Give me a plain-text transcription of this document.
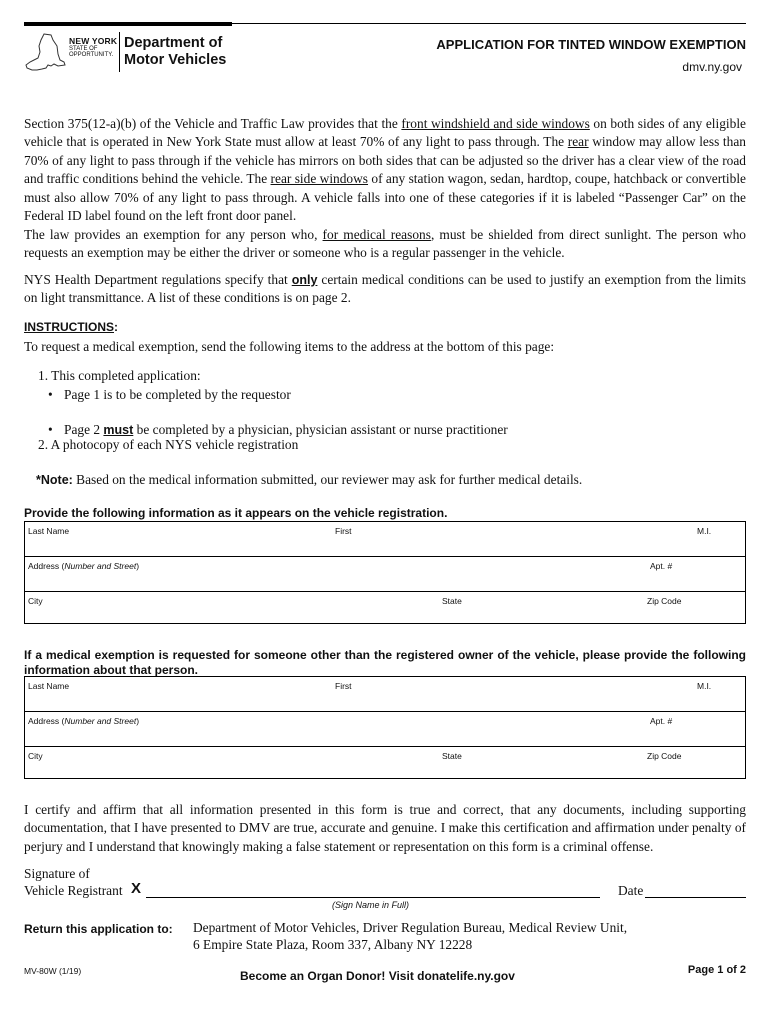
NEW YORK
STATE OF
OPPORTUNITY.
Department of
Motor Vehicles
APPLICATION FOR TINTED WINDOW EXEMPTION
dmv.ny.gov
Section 375(12-a)(b) of the Vehicle and Traffic Law provides that the front windshield and side windows on both sides of any eligible vehicle that is operated in New York State must allow at least 70% of any light to pass through. The rear window may allow less than 70% of any light to pass through if the vehicle has mirrors on both sides that can be adjusted so the driver has a clear view of the road and traffic conditions behind the vehicle. The rear side windows of any station wagon, sedan, hardtop, coupe, hatchback or convertible must also allow 70% of any light to pass through. A vehicle falls into one of these categories if it is labeled “Passenger Car” on the Federal ID label found on the left front door panel.
The law provides an exemption for any person who, for medical reasons, must be shielded from direct sunlight. The person who requests an exemption may be either the driver or someone who is a regular passenger in the vehicle.
NYS Health Department regulations specify that only certain medical conditions can be used to justify an exemption from the limits on light transmittance. A list of these conditions is on page 2.
INSTRUCTIONS:
To request a medical exemption, send the following items to the address at the bottom of this page:
1. This completed application:
• Page 1 is to be completed by the requestor
• Page 2 must be completed by a physician, physician assistant or nurse practitioner
2. A photocopy of each NYS vehicle registration
*Note: Based on the medical information submitted, our reviewer may ask for further medical details.
Provide the following information as it appears on the vehicle registration.
Last Name	First	M.I.
Address (Number and Street)	Apt. #
City	State	Zip Code
If a medical exemption is requested for someone other than the registered owner of the vehicle, please provide the following information about that person.
Last Name	First	M.I.
Address (Number and Street)	Apt. #
City	State	Zip Code
I certify and affirm that all information presented in this form is true and correct, that any documents, including supporting documentation, that I have presented to DMV are true, accurate and genuine. I make this certification and affirmation under penalty of perjury and I understand that knowingly making a false statement or representation on this form is a criminal offense.
Signature of
Vehicle Registrant X
(Sign Name in Full)
Date
Return this application to: Department of Motor Vehicles, Driver Regulation Bureau, Medical Review Unit,
6 Empire State Plaza, Room 337, Albany NY 12228
MV-80W (1/19)	Become an Organ Donor! Visit donatelife.ny.gov	Page 1 of 2
